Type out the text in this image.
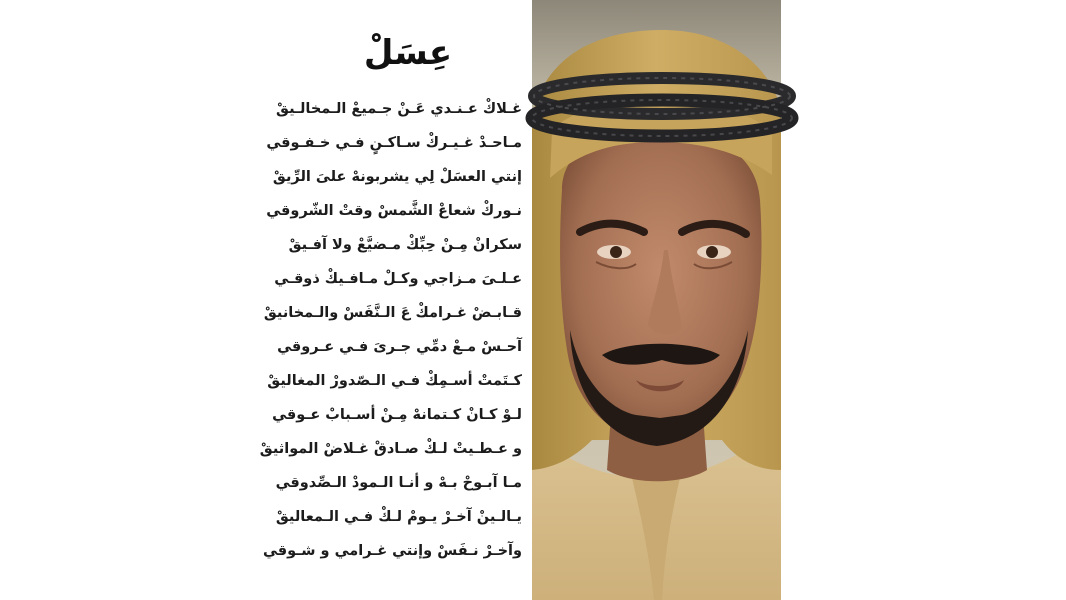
عِسَلْ
غـلاكْ عـنـدي عَـنْ جـميعْ الـمخالـيقْ
مـاحـدْ غـيـركْ سـاكـنٍ فـي خـفـوقي
إنتي العسَلْ لِي يشربونهْ علىَ الرِّيقْ
نـوركْ شعاعْ الشَّمسْ وقتْ الشّروقي
سكرانْ مِـنْ حِبِّكْ مـضيَّعْ ولا آفـيقْ
عـلـىَ مـزاجي وكـلْ مـافـيكْ ذوقـي
قـابـضْ غـرامكْ عَ الـنَّفَسْ والـمخانيقْ
آحـسْ مـعْ دمِّي جـرىَ فـي عـروقي
كـتَمتْ أسـمِكْ فـي الـصّدورْ المغاليقْ
لـوْ كـانْ كـتمانهْ مِـنْ أسـبابْ عـوقي
و عـطـيتْ لـكْ صـادقْ غـلاضْ المواثيقْ
مـا آبـوحْ بـهْ و أنـا الـمودْ الـصِّدوقي
يـالـينْ آخـرْ يـومْ لـكْ فـي الـمعاليقْ
وآخـرْ نـفَسْ وإنتي غـرامي و شـوقي
